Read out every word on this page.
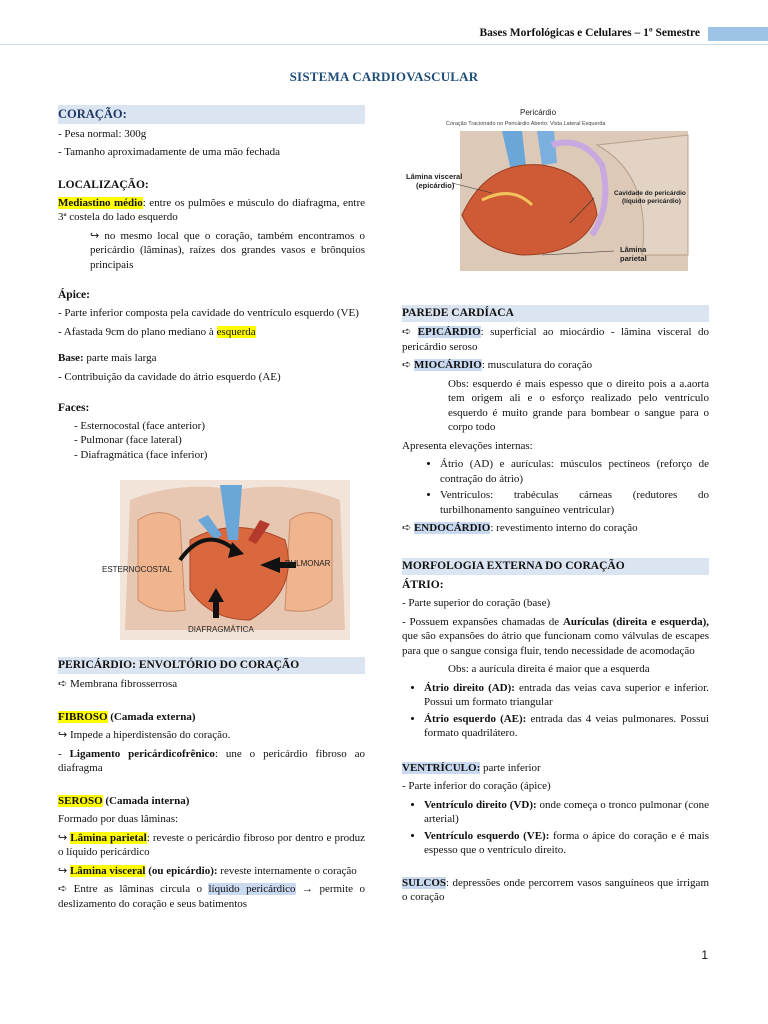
Bases Morfológicas e Celulares – 1º Semestre
SISTEMA CARDIOVASCULAR
CORAÇÃO:

- Pesa normal: 300g

- Tamanho aproximadamente de uma mão fechada

LOCALIZAÇÃO:

Mediastino médio: entre os pulmões e músculo do diafragma, entre 3ª costela do lado esquerdo

↪ no mesmo local que o coração, também encontramos o pericárdio (lâminas), raízes dos grandes vasos e brônquios principais

Ápice:

- Parte inferior composta pela cavidade do ventrículo esquerdo (VE)

- Afastada 9cm do plano mediano à esquerda

Base: parte mais larga

- Contribuição da cavidade do átrio esquerdo (AE)

Faces:
- Esternocostal (face anterior)
- Pulmonar (face lateral)
- Diafragmática (face inferior)
ESTERNOCOSTAL
PULMONAR
DIAFRAGMÁTICA
PERICÁRDIO: ENVOLTÓRIO DO CORAÇÃO

➪ Membrana fibrosserrosa

FIBROSO (Camada externa)

↪ Impede a hiperdistensão do coração.

- Ligamento pericárdicofrênico: une o pericárdio fibroso ao diafragma

SEROSO (Camada interna)

Formado por duas lâminas:

↪ Lâmina parietal: reveste o pericárdio fibroso por dentro e produz o líquido pericárdico

↪ Lâmina visceral (ou epicárdio): reveste internamente o coração

➪ Entre as lâminas circula o líquido pericárdico → permite o deslizamento do coração e seus batimentos

Pericárdio
Coração Tracionado no Pericárdio Aberto: Vista Lateral Esquerda
Lâmina visceral
(epicárdio)
Cavidade do pericárdio
(líquido pericárdio)
Lâmina
parietal
PAREDE CARDÍACA

➪ EPICÁRDIO: superficial ao miocárdio - lâmina visceral do pericárdio seroso

➪ MIOCÁRDIO: musculatura do coração

Obs: esquerdo é mais espesso que o direito pois a a.aorta tem origem ali e o esforço realizado pelo ventrículo esquerdo é muito grande para bombear o sangue para o corpo todo

Apresenta elevações internas:

• Átrio (AD) e aurículas: músculos pectíneos (reforço de contração do átrio)
• Ventrículos: trabéculas cárneas (redutores do turbilhonamento sanguíneo ventricular)

➪ ENDOCÁRDIO: revestimento interno do coração

MORFOLOGIA EXTERNA DO CORAÇÃO
ÁTRIO:

- Parte superior do coração (base)

- Possuem expansões chamadas de Aurículas (direita e esquerda), que são expansões do átrio que funcionam como válvulas de escapes para que o sangue consiga fluir, tendo necessidade de acomodação

Obs: a aurícula direita é maior que a esquerda

• Átrio direito (AD): entrada das veias cava superior e inferior. Possui um formato triangular
• Átrio esquerdo (AE): entrada das 4 veias pulmonares. Possui formato quadrilátero.

VENTRÍCULO: parte inferior

- Parte inferior do coração (ápice)

• Ventrículo direito (VD): onde começa o tronco pulmonar (cone arterial)
• Ventrículo esquerdo (VE): forma o ápice do coração e é mais espesso que o ventrículo direito.

SULCOS: depressões onde percorrem vasos sanguíneos que irrigam o coração

1
